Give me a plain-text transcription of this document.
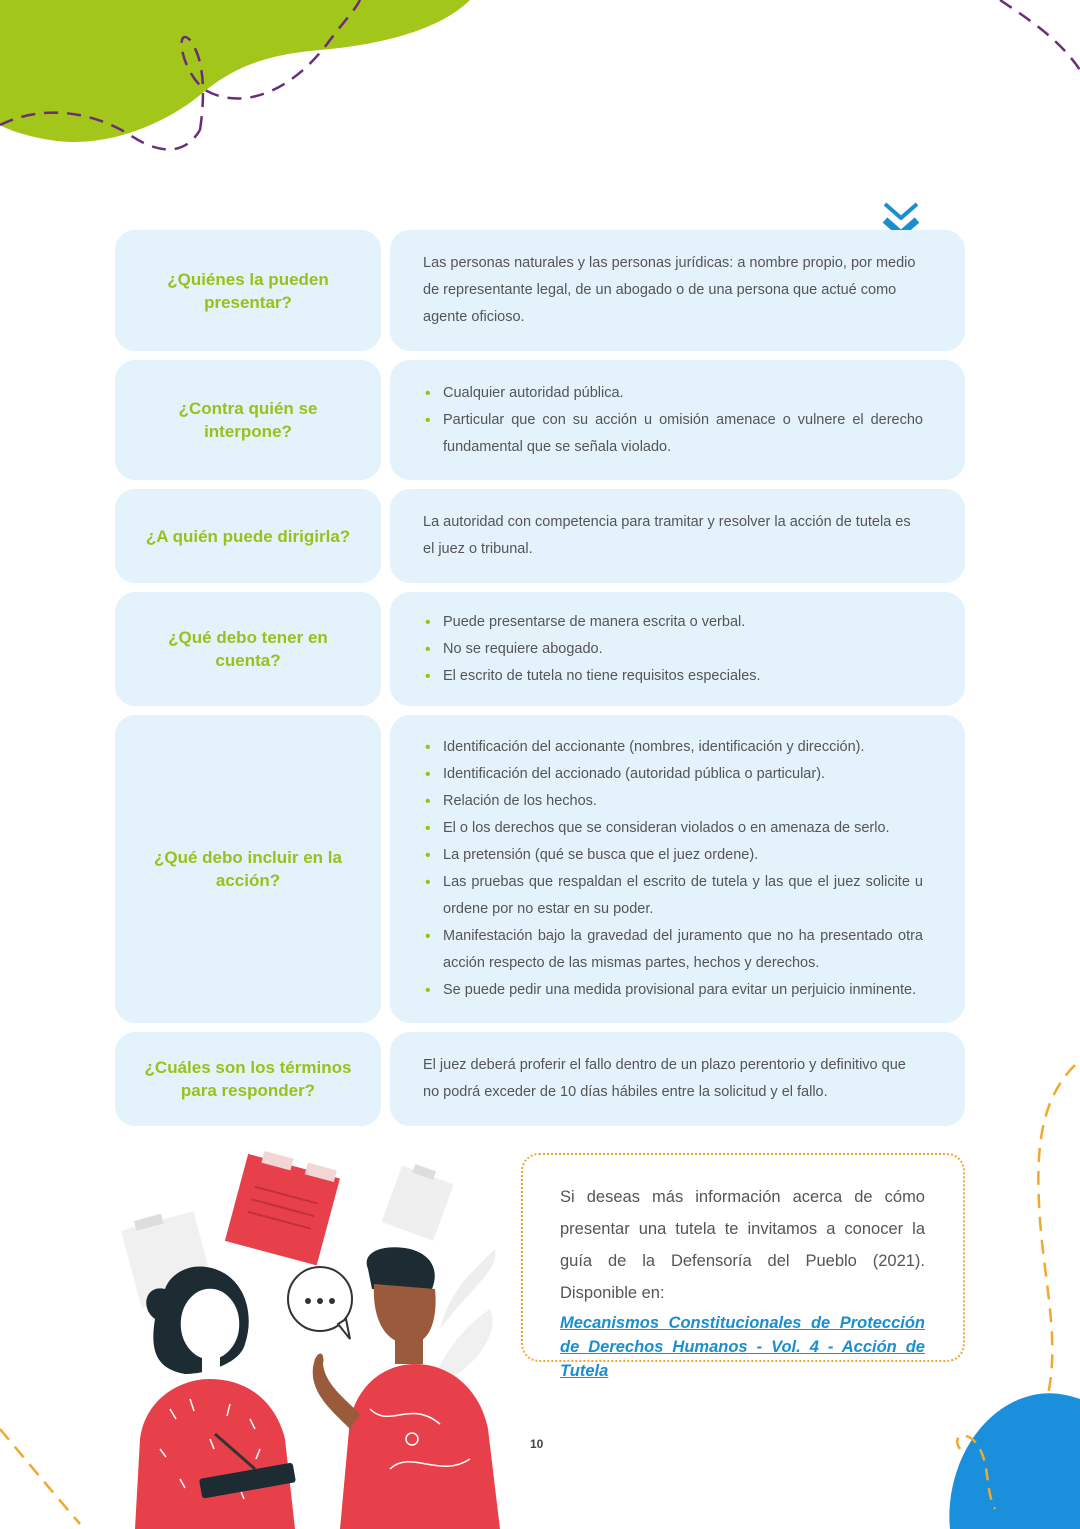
¿Quiénes la pueden presentar?

Las personas naturales y las personas jurídicas: a nombre propio, por medio de representante legal, de un abogado o de una persona que actué como agente oficioso.

¿Contra quién se interpone?
• Cualquier autoridad pública.
• Particular que con su acción u omisión amenace o vulnere el derecho fundamental que se señala violado.
¿A quién puede dirigirla?

La autoridad con competencia para tramitar y resolver la acción de tutela es el juez o tribunal.

¿Qué debo tener en cuenta?
• Puede presentarse de manera escrita o verbal.
• No se requiere abogado.
• El escrito de tutela no tiene requisitos especiales.
¿Qué debo incluir en la acción?
• Identificación del accionante (nombres, identificación y dirección).
• Identificación del accionado (autoridad pública o particular).
• Relación de los hechos.
• El o los derechos que se consideran violados o en amenaza de serlo.
• La pretensión (qué se busca que el juez ordene).
• Las pruebas que respaldan el escrito de tutela y las que el juez solicite u ordene por no estar en su poder.
• Manifestación bajo la gravedad del juramento que no ha presentado otra acción respecto de las mismas partes, hechos y derechos.
• Se puede pedir una medida provisional para evitar un perjuicio inminente.
¿Cuáles son los términos para responder?

El juez deberá proferir el fallo dentro de un plazo perentorio y definitivo que no podrá exceder de 10 días hábiles entre la solicitud y el fallo.

Si deseas más información acerca de cómo presentar una tutela te invitamos a conocer la guía de la Defensoría del Pueblo (2021). Disponible en:

Mecanismos Constitucionales de Protección de Derechos Humanos - Vol. 4 - Acción de Tutela
10
